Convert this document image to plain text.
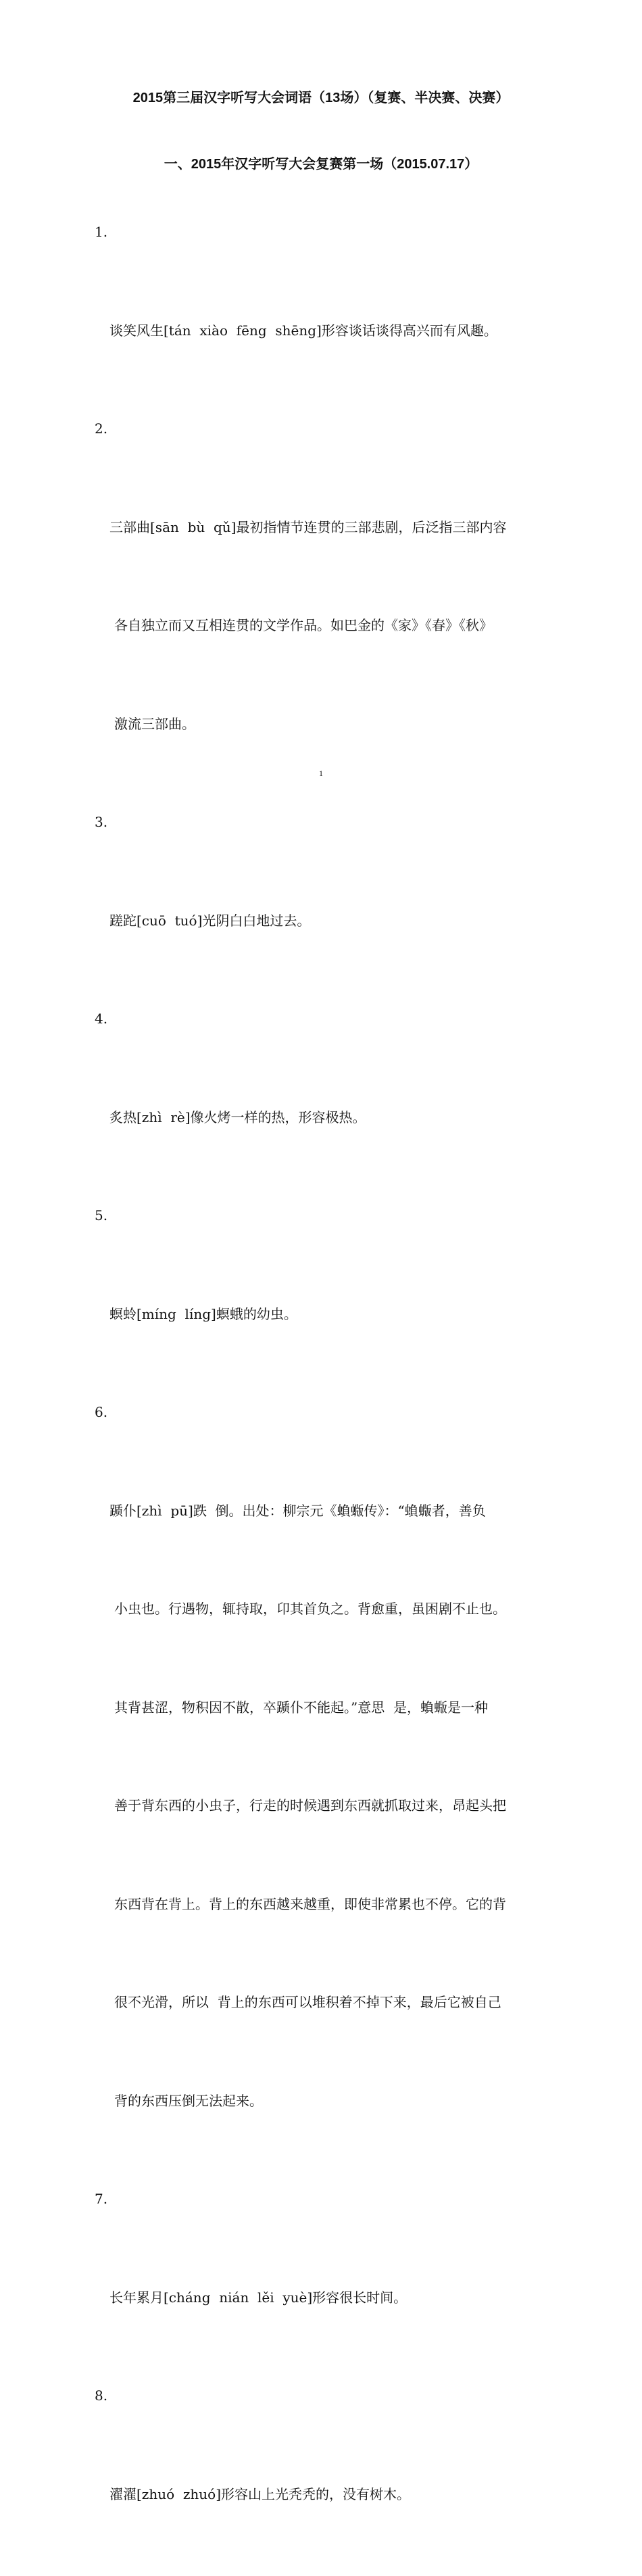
2015第三届汉字听写大会词语（13场）（复赛、半决赛、决赛）
一、2015年汉字听写大会复赛第一场（2015.07.17）

1.

谈笑风生[tán  xiào  fēng  shēng]形容谈话谈得高兴而有风趣。

2.

三部曲[sān  bù  qǔ]最初指情节连贯的三部悲剧，后泛指三部内容

各自独立而又互相连贯的文学作品。如巴金的《家》《春》《秋》

激流三部曲。

3.

蹉跎[cuō  tuó]光阴白白地过去。

4.

炙热[zhì  rè]像火烤一样的热，形容极热。

5.

螟蛉[míng  líng]螟蛾的幼虫。

6.

踬仆[zhì  pū]跌  倒。出处：柳宗元《蝜蝂传》：“蝜蝂者，善负

小虫也。行遇物，辄持取，卬其首负之。背愈重，虽困剧不止也。

其背甚涩，物积因不散，卒踬仆不能起。”意思  是，蝜蝂是一种

善于背东西的小虫子，行走的时候遇到东西就抓取过来，昂起头把

东西背在背上。背上的东西越来越重，即使非常累也不停。它的背

很不光滑，所以  背上的东西可以堆积着不掉下来，最后它被自己

背的东西压倒无法起来。

7.

长年累月[cháng  nián  lěi  yuè]形容很长时间。

8.

濯濯[zhuó  zhuó]形容山上光秃秃的，没有树木。

1
